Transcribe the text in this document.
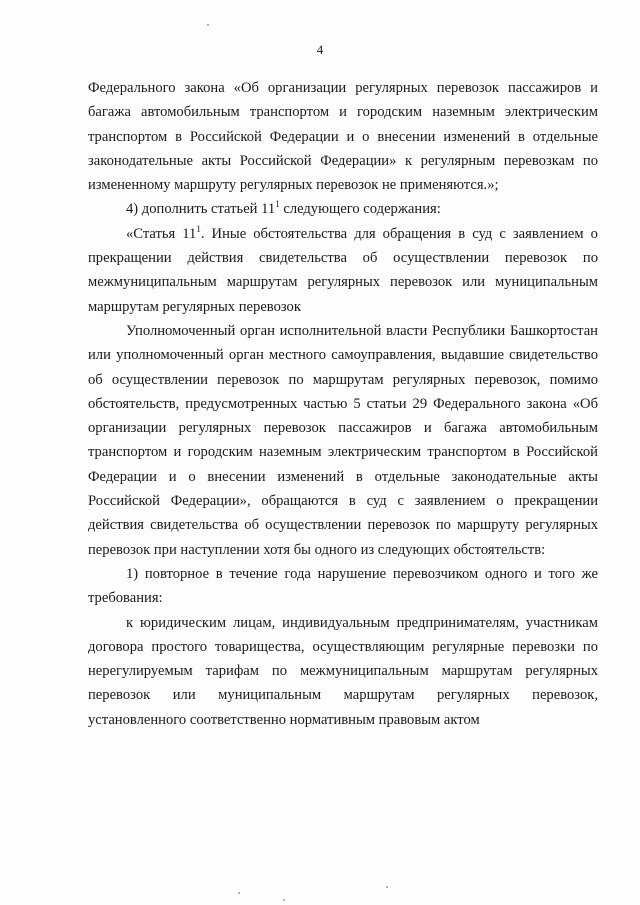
4

Федерального закона «Об организации регулярных перевозок пассажиров и багажа автомобильным транспортом и городским наземным электрическим транспортом в Российской Федерации и о внесении изменений в отдельные законодательные акты Российской Федерации» к регулярным перевозкам по измененному маршруту регулярных перевозок не применяются.»;

4) дополнить статьей $11^1$ следующего содержания:

«Статья $11^1$. Иные обстоятельства для обращения в суд с заявлением о прекращении действия свидетельства об осуществлении перевозок по межмуниципальным маршрутам регулярных перевозок или муниципальным маршрутам регулярных перевозок

Уполномоченный орган исполнительной власти Республики Башкортостан или уполномоченный орган местного самоуправления, выдавшие свидетельство об осуществлении перевозок по маршрутам регулярных перевозок, помимо обстоятельств, предусмотренных частью 5 статьи 29 Федерального закона «Об организации регулярных перевозок пассажиров и багажа автомобильным транспортом и городским наземным электрическим транспортом в Российской Федерации и о внесении изменений в отдельные законодательные акты Российской Федерации», обращаются в суд с заявлением о прекращении действия свидетельства об осуществлении перевозок по маршруту регулярных перевозок при наступлении хотя бы одного из следующих обстоятельств:

1) повторное в течение года нарушение перевозчиком одного и того же требования:

к юридическим лицам, индивидуальным предпринимателям, участникам договора простого товарищества, осуществляющим регулярные перевозки по нерегулируемым тарифам по межмуниципальным маршрутам регулярных перевозок или муниципальным маршрутам регулярных перевозок, установленного соответственно нормативным правовым актом
